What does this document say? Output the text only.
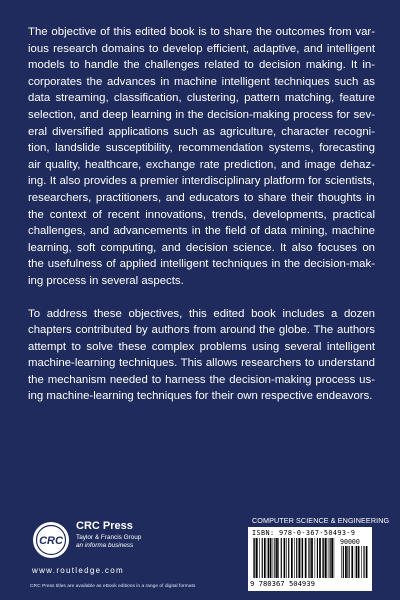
The objective of this edited book is to share the outcomes from var-
ious research domains to develop efficient, adaptive, and intelligent
models to handle the challenges related to decision making. It in-
corporates the advances in machine intelligent techniques such as
data streaming, classification, clustering, pattern matching, feature
selection, and deep learning in the decision-making process for sev-
eral diversified applications such as agriculture, character recogni-
tion, landslide susceptibility, recommendation systems, forecasting
air quality, healthcare, exchange rate prediction, and image dehaz-
ing. It also provides a premier interdisciplinary platform for scientists,
researchers, practitioners, and educators to share their thoughts in
the context of recent innovations, trends, developments, practical
challenges, and advancements in the field of data mining, machine
learning, soft computing, and decision science. It also focuses on
the usefulness of applied intelligent techniques in the decision-mak-
ing process in several aspects.

To address these objectives, this edited book includes a dozen
chapters contributed by authors from around the globe. The authors
attempt to solve these complex problems using several intelligent
machine-learning techniques. This allows researchers to understand
the mechanism needed to harness the decision-making process us-
ing machine-learning techniques for their own respective endeavors.

CRC
CRC Press
Taylor & Francis Group
an informa business
www.routledge.com
CRC Press titles are available as eBook editions in a range of digital formats
COMPUTER SCIENCE & ENGINEERING
ISBN: 978-0-367-50493-9
90000
9 780367 504939
